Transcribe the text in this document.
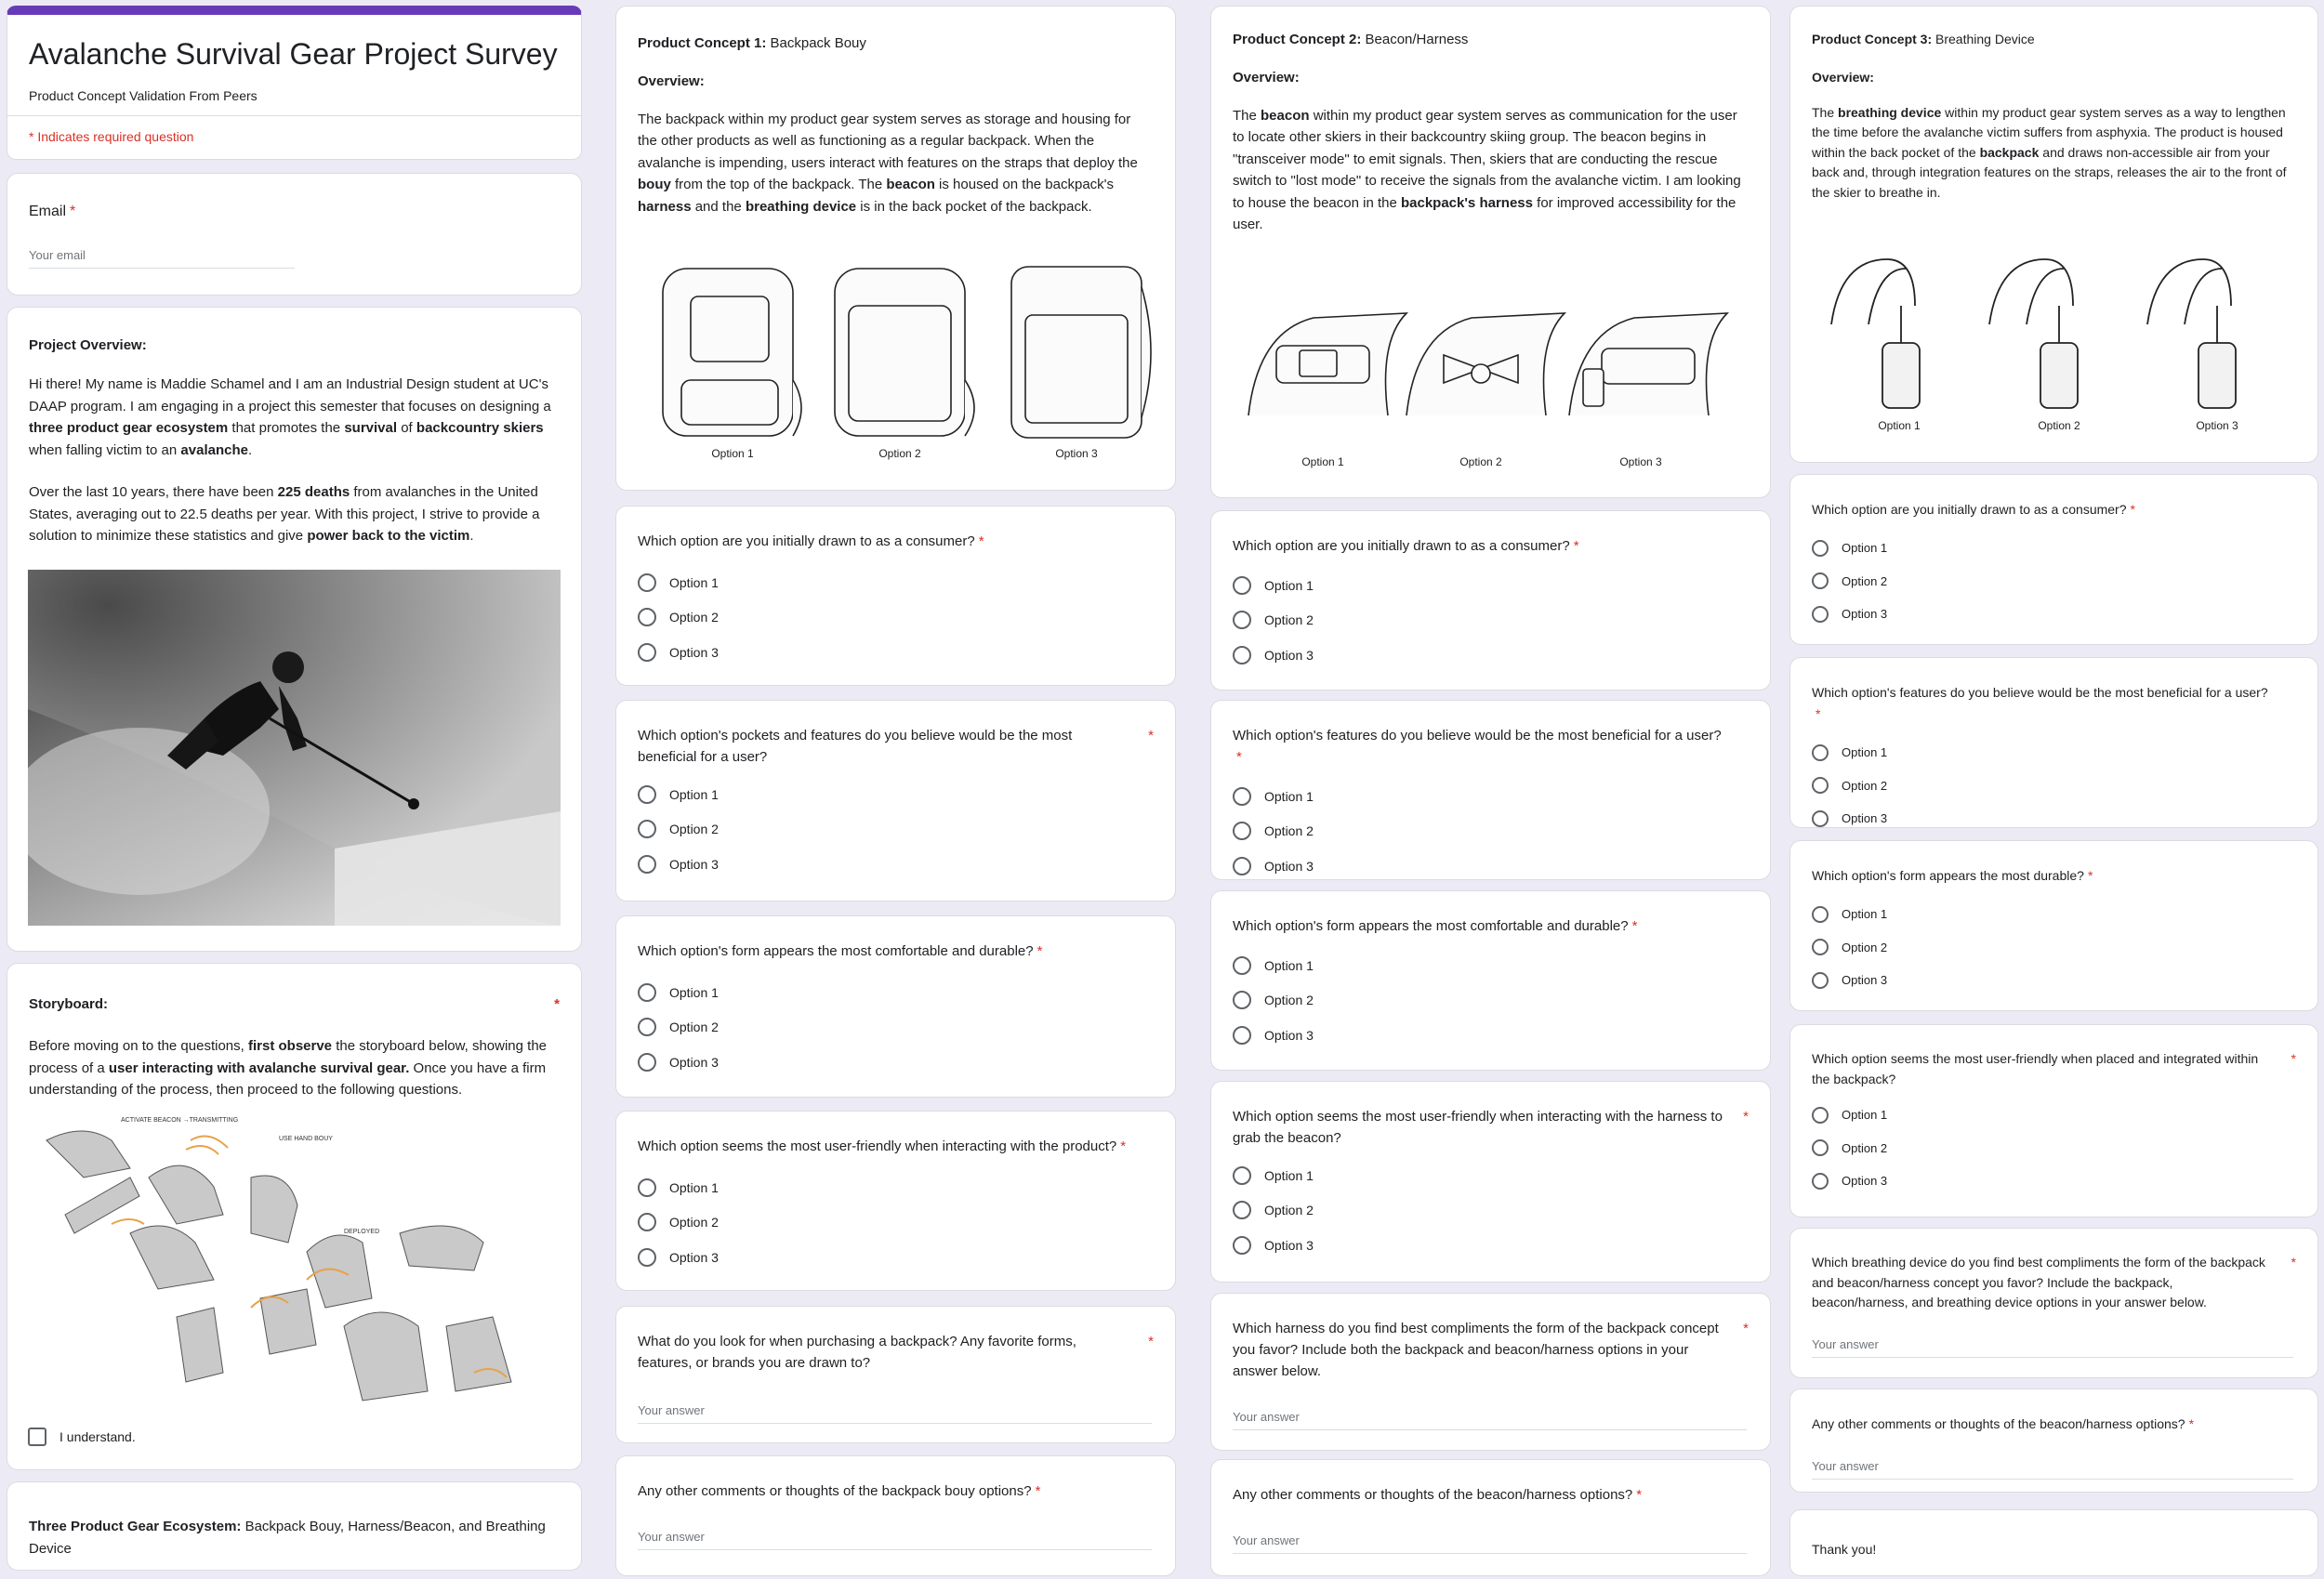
Avalanche Survival Gear Project Survey
Product Concept Validation From Peers
* Indicates required question
Email *
Your email
Project Overview:

Hi there! My name is Maddie Schamel and I am an Industrial Design student at UC's DAAP program. I am engaging in a project this semester that focuses on designing a three product gear ecosystem that promotes the survival of backcountry skiers when falling victim to an avalanche.

Over the last 10 years, there have been 225 deaths from avalanches in the United States, averaging out to 22.5 deaths per year. With this project, I strive to provide a solution to minimize these statistics and give power back to the victim.

Storyboard:	*

Before moving on to the questions, first observe the storyboard below, showing the process of a user interacting with avalanche survival gear. Once you have a firm understanding of the process, then proceed to the following questions.

ACTIVATE BEACON →TRANSMITTING
USE HAND BOUY
DEPLOYED
I understand.

Three Product Gear Ecosystem: Backpack Bouy, Harness/Beacon, and Breathing Device

Product Concept 1: Backpack Bouy

Overview:

The backpack within my product gear system serves as storage and housing for the other products as well as functioning as a regular backpack. When the avalanche is impending, users interact with features on the straps that deploy the bouy from the top of the backpack. The beacon is housed on the backpack's harness and the breathing device is in the back pocket of the backpack.

Option 1	Option 2	Option 3
Which option are you initially drawn to as a consumer? *
Option 1
Option 2
Option 3
Which option's pockets and features do you believe would be the most beneficial for a user?
*
Option 1
Option 2
Option 3
Which option's form appears the most comfortable and durable? *
Option 1
Option 2
Option 3
Which option seems the most user-friendly when interacting with the product? *
Option 1
Option 2
Option 3
What do you look for when purchasing a backpack? Any favorite forms, features, or brands you are drawn to?
*
Your answer
Any other comments or thoughts of the backpack bouy options? *
Your answer

Product Concept 2: Beacon/Harness

Overview:

The beacon within my product gear system serves as communication for the user to locate other skiers in their backcountry skiing group. The beacon begins in "transceiver mode" to emit signals. Then, skiers that are conducting the rescue switch to "lost mode" to receive the signals from the avalanche victim. I am looking to house the beacon in the backpack's harness for improved accessibility for the user.

Option 1	Option 2	Option 3
Which option are you initially drawn to as a consumer? *
Option 1
Option 2
Option 3
Which option's features do you believe would be the most beneficial for a user?*
Option 1
Option 2
Option 3
Which option's form appears the most comfortable and durable? *
Option 1
Option 2
Option 3
Which option seems the most user-friendly when interacting with the harness to grab the beacon?
*
Option 1
Option 2
Option 3
Which harness do you find best compliments the form of the backpack concept you favor? Include both the backpack and beacon/harness options in your answer below.
*
Your answer
Any other comments or thoughts of the beacon/harness options? *
Your answer

Product Concept 3: Breathing Device

Overview:

The breathing device within my product gear system serves as a way to lengthen the time before the avalanche victim suffers from asphyxia. The product is housed within the back pocket of the backpack and draws non-accessible air from your back and, through integration features on the straps, releases the air to the front of the skier to breathe in.

Option 1	Option 2	Option 3
Which option are you initially drawn to as a consumer? *
Option 1
Option 2
Option 3
Which option's features do you believe would be the most beneficial for a user?*
Option 1
Option 2
Option 3
Which option's form appears the most durable? *
Option 1
Option 2
Option 3
Which option seems the most user-friendly when placed and integrated within the backpack?
*
Option 1
Option 2
Option 3
Which breathing device do you find best compliments the form of the backpack and beacon/harness concept you favor? Include the backpack, beacon/harness, and breathing device options in your answer below.
*
Your answer
Any other comments or thoughts of the beacon/harness options? *
Your answer
Thank you!
